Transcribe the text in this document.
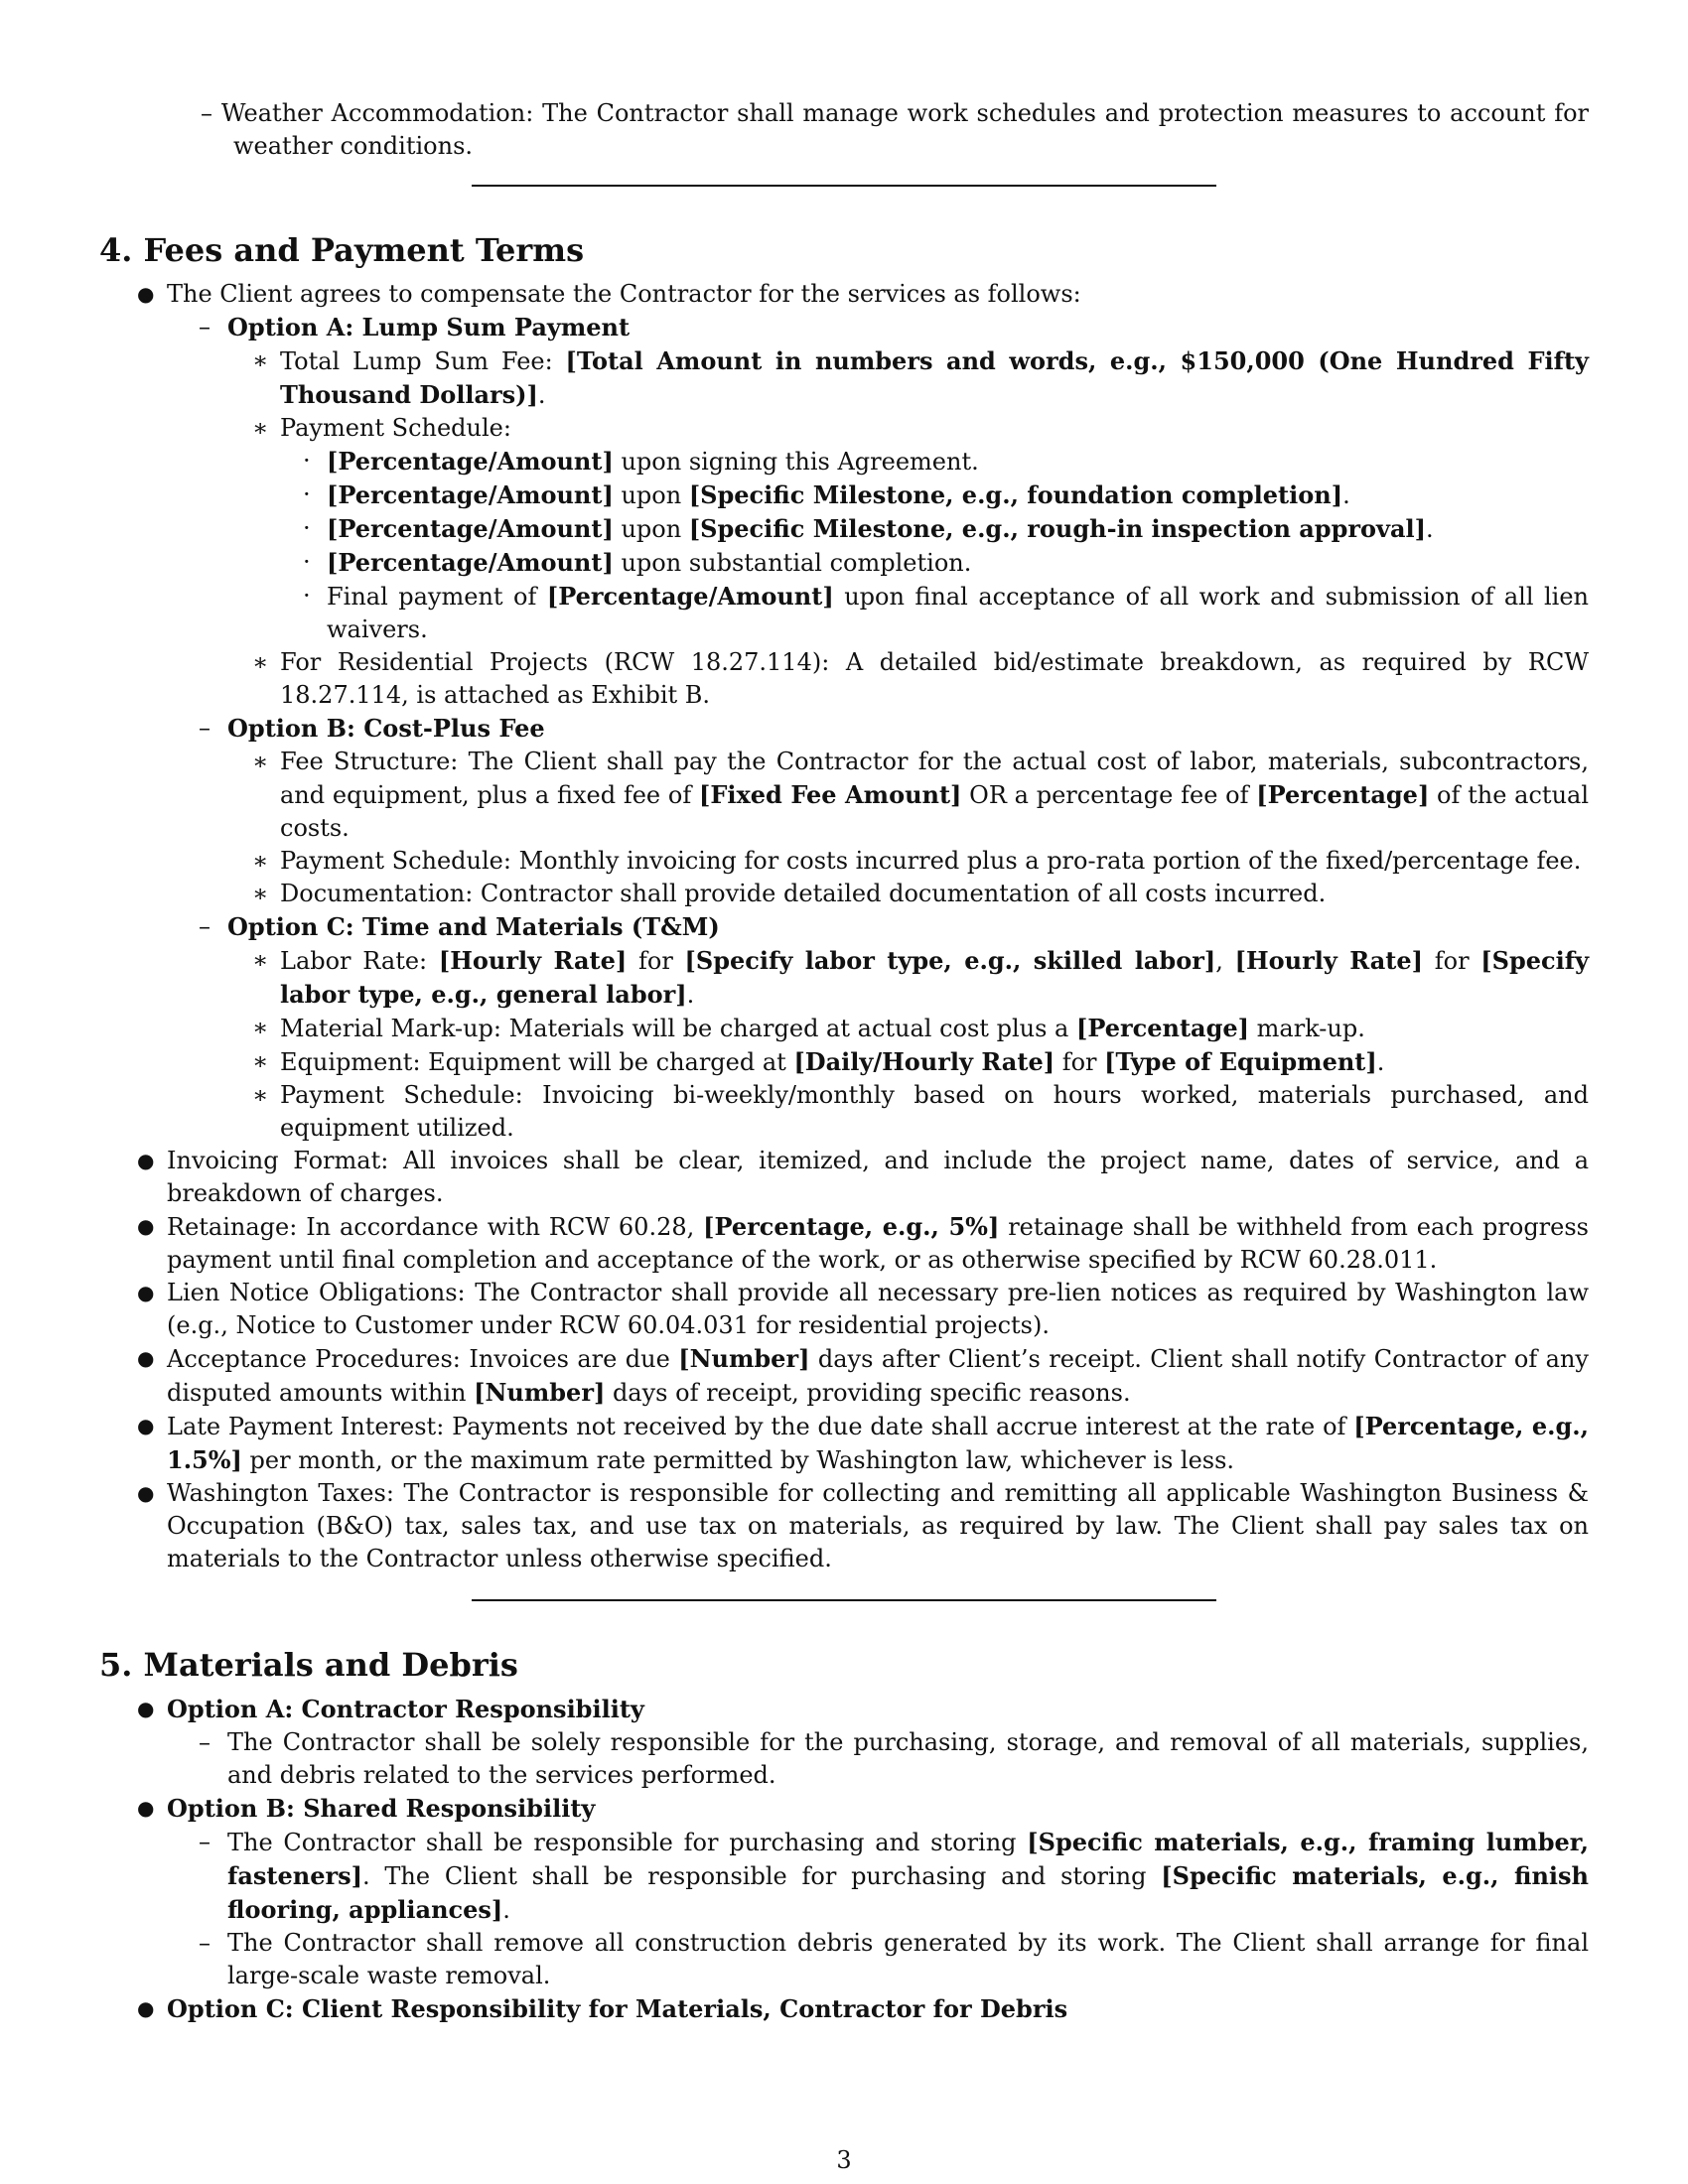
– Weather Accommodation: The Contractor shall manage work schedules and protection measures to account for weather conditions.

4. Fees and Payment Terms
● The Client agrees to compensate the Contractor for the services as follows:

– Option A: Lump Sum Payment

∗ Total Lump Sum Fee: [Total Amount in numbers and words, e.g., $150,000 (One Hundred Fifty Thousand Dollars)].

∗ Payment Schedule:

· [Percentage/Amount] upon signing this Agreement.

· [Percentage/Amount] upon [Specific Milestone, e.g., foundation completion].

· [Percentage/Amount] upon [Specific Milestone, e.g., rough-in inspection approval].

· [Percentage/Amount] upon substantial completion.

· Final payment of [Percentage/Amount] upon final acceptance of all work and submission of all lien waivers.

∗ For Residential Projects (RCW 18.27.114): A detailed bid/estimate breakdown, as required by RCW 18.27.114, is attached as Exhibit B.

– Option B: Cost-Plus Fee

∗ Fee Structure: The Client shall pay the Contractor for the actual cost of labor, materials, subcontractors, and equipment, plus a fixed fee of [Fixed Fee Amount] OR a percentage fee of [Percentage] of the actual costs.

∗ Payment Schedule: Monthly invoicing for costs incurred plus a pro-rata portion of the fixed/percentage fee.

∗ Documentation: Contractor shall provide detailed documentation of all costs incurred.

– Option C: Time and Materials (T&M)

∗ Labor Rate: [Hourly Rate] for [Specify labor type, e.g., skilled labor], [Hourly Rate] for [Specify labor type, e.g., general labor].

∗ Material Mark-up: Materials will be charged at actual cost plus a [Percentage] mark-up.

∗ Equipment: Equipment will be charged at [Daily/Hourly Rate] for [Type of Equipment].

∗ Payment Schedule: Invoicing bi-weekly/monthly based on hours worked, materials purchased, and equipment utilized.

● Invoicing Format: All invoices shall be clear, itemized, and include the project name, dates of service, and a breakdown of charges.

● Retainage: In accordance with RCW 60.28, [Percentage, e.g., 5%] retainage shall be withheld from each progress payment until final completion and acceptance of the work, or as otherwise specified by RCW 60.28.011.

● Lien Notice Obligations: The Contractor shall provide all necessary pre-lien notices as required by Washington law (e.g., Notice to Customer under RCW 60.04.031 for residential projects).

● Acceptance Procedures: Invoices are due [Number] days after Client’s receipt. Client shall notify Contractor of any disputed amounts within [Number] days of receipt, providing specific reasons.

● Late Payment Interest: Payments not received by the due date shall accrue interest at the rate of [Percentage, e.g., 1.5%] per month, or the maximum rate permitted by Washington law, whichever is less.

● Washington Taxes: The Contractor is responsible for collecting and remitting all applicable Washington Business & Occupation (B&O) tax, sales tax, and use tax on materials, as required by law. The Client shall pay sales tax on materials to the Contractor unless otherwise specified.

5. Materials and Debris
● Option A: Contractor Responsibility

– The Contractor shall be solely responsible for the purchasing, storage, and removal of all materials, supplies, and debris related to the services performed.

● Option B: Shared Responsibility

– The Contractor shall be responsible for purchasing and storing [Specific materials, e.g., framing lumber, fasteners]. The Client shall be responsible for purchasing and storing [Specific materials, e.g., finish flooring, appliances].

– The Contractor shall remove all construction debris generated by its work. The Client shall arrange for final large-scale waste removal.

● Option C: Client Responsibility for Materials, Contractor for Debris

3
